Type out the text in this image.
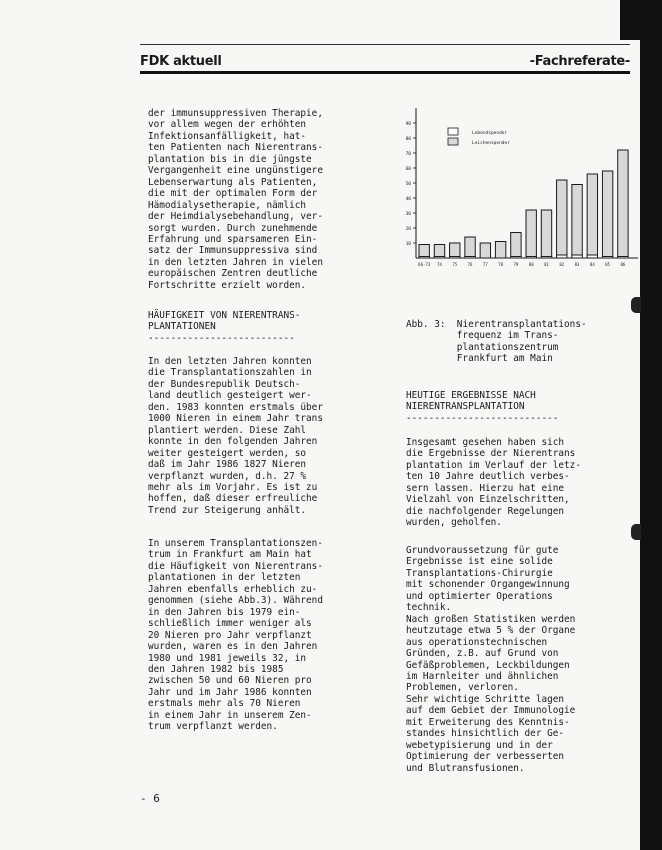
FDK aktuell	-Fachreferate-
der immunsuppressiven Therapie,
vor allem wegen der erhöhten
Infektionsanfälligkeit, hat-
ten Patienten nach Nierentrans-
plantation bis in die jüngste
Vergangenheit eine ungünstigere
Lebenserwartung als Patienten,
die mit der optimalen Form der
Hämodialysetherapie, nämlich
der Heimdialysebehandlung, ver-
sorgt wurden. Durch zunehmende
Erfahrung und sparsameren Ein-
satz der Immunsuppressiva sind
in den letzten Jahren in vielen
europäischen Zentren deutliche
Fortschritte erzielt worden.
HÄUFIGKEIT VON NIERENTRANS-
PLANTATIONEN
--------------------------
In den letzten Jahren konnten
die Transplantationszahlen in
der Bundesrepublik Deutsch-
land deutlich gesteigert wer-
den. 1983 konnten erstmals über
1000 Nieren in einem Jahr trans
plantiert werden. Diese Zahl
konnte in den folgenden Jahren
weiter gesteigert werden, so
daß im Jahr 1986 1827 Nieren
verpflanzt wurden, d.h. 27 %
mehr als im Vorjahr. Es ist zu
hoffen, daß dieser erfreuliche
Trend zur Steigerung anhält.
In unserem Transplantationszen-
trum in Frankfurt am Main hat
die Häufigkeit von Nierentrans-
plantationen in der letzten
Jahren ebenfalls erheblich zu-
genommen (siehe Abb.3). Während
in den Jahren bis 1979 ein-
schließlich immer weniger als
20 Nieren pro Jahr verpflanzt
wurden, waren es in den Jahren
1980 und 1981 jeweils 32, in
den Jahren 1982 bis 1985
zwischen 50 und 60 Nieren pro
Jahr und im Jahr 1986 konnten
erstmals mehr als 70 Nieren
in einem Jahr in unserem Zen-
trum verpflanzt werden.
10
20
30
40
50
60
70
80
90
66-73 74	75	76	77	78	79	80	81	82	83	84	85	86
Lebendspender
Leichenspender
Abb. 3:  Nierentransplantations-
frequenz im Trans-
plantationszentrum
Frankfurt am Main
HEUTIGE ERGEBNISSE NACH
NIERENTRANSPLANTATION
---------------------------
Insgesamt gesehen haben sich
die Ergebnisse der Nierentrans
plantation im Verlauf der letz-
ten 10 Jahre deutlich verbes-
sern lassen. Hierzu hat eine
Vielzahl von Einzelschritten,
die nachfolgender Regelungen
wurden, geholfen.
Grundvoraussetzung für gute
Ergebnisse ist eine solide
Transplantations-Chirurgie
mit schonender Organgewinnung
und optimierter Operations
technik.
Nach großen Statistiken werden
heutzutage etwa 5 % der Organe
aus operationstechnischen
Gründen, z.B. auf Grund von
Gefäßproblemen, Leckbildungen
im Harnleiter und ähnlichen
Problemen, verloren.
Sehr wichtige Schritte lagen
auf dem Gebiet der Immunologie
mit Erweiterung des Kenntnis-
standes hinsichtlich der Ge-
webetypisierung und in der
Optimierung der verbesserten
und Blutransfusionen.
- 6
